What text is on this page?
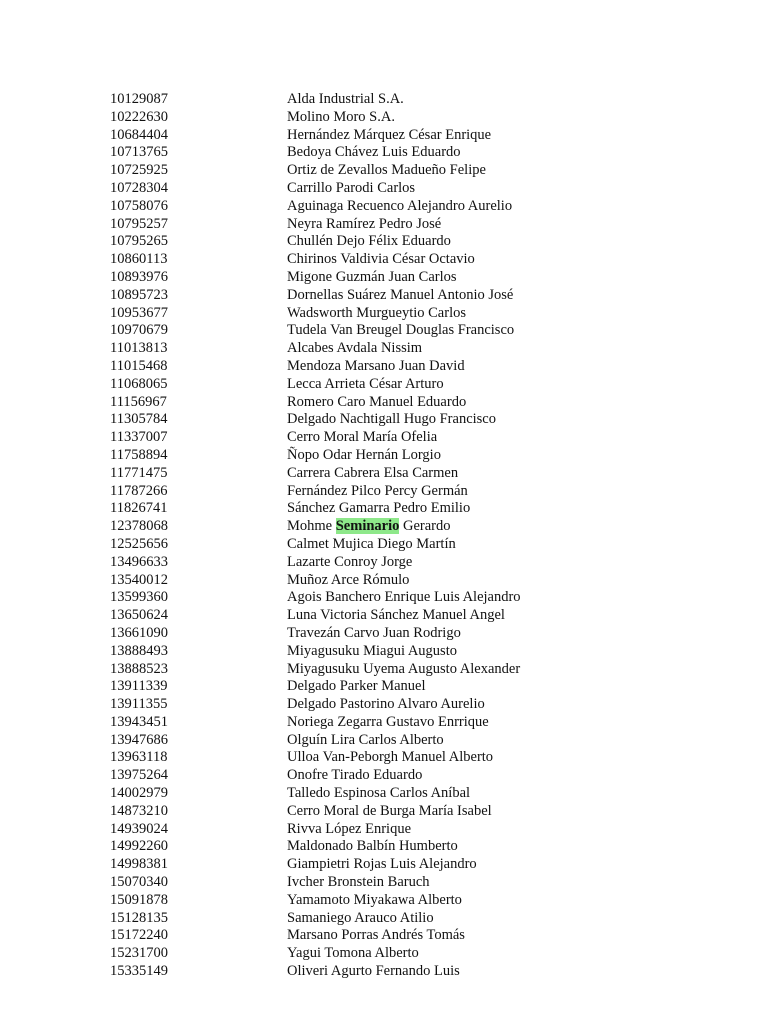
10129087	Alda Industrial S.A.
10222630	Molino Moro S.A.
10684404	Hernández Márquez César Enrique
10713765	Bedoya Chávez Luis Eduardo
10725925	Ortiz de Zevallos Madueño Felipe
10728304	Carrillo Parodi Carlos
10758076	Aguinaga Recuenco Alejandro Aurelio
10795257	Neyra Ramírez Pedro José
10795265	Chullén Dejo Félix Eduardo
10860113	Chirinos Valdivia César Octavio
10893976	Migone Guzmán Juan Carlos
10895723	Dornellas Suárez Manuel Antonio José
10953677	Wadsworth Murgueytio Carlos
10970679	Tudela Van Breugel Douglas Francisco
11013813	Alcabes Avdala Nissim
11015468	Mendoza Marsano Juan David
11068065	Lecca Arrieta César Arturo
11156967	Romero Caro Manuel Eduardo
11305784	Delgado Nachtigall Hugo Francisco
11337007	Cerro Moral María Ofelia
11758894	Ñopo Odar Hernán Lorgio
11771475	Carrera Cabrera Elsa Carmen
11787266	Fernández Pilco Percy Germán
11826741	Sánchez Gamarra Pedro Emilio
12378068	Mohme Seminario Gerardo
12525656	Calmet Mujica Diego Martín
13496633	Lazarte Conroy Jorge
13540012	Muñoz Arce Rómulo
13599360	Agois Banchero Enrique Luis Alejandro
13650624	Luna Victoria Sánchez Manuel Angel
13661090	Travezán Carvo Juan Rodrigo
13888493	Miyagusuku Miagui Augusto
13888523	Miyagusuku Uyema Augusto Alexander
13911339	Delgado Parker Manuel
13911355	Delgado Pastorino Alvaro Aurelio
13943451	Noriega Zegarra Gustavo Enrrique
13947686	Olguín Lira Carlos Alberto
13963118	Ulloa Van-Peborgh Manuel Alberto
13975264	Onofre Tirado Eduardo
14002979	Talledo Espinosa Carlos Aníbal
14873210	Cerro Moral de Burga María Isabel
14939024	Rivva López Enrique
14992260	Maldonado Balbín Humberto
14998381	Giampietri Rojas Luis Alejandro
15070340	Ivcher Bronstein Baruch
15091878	Yamamoto Miyakawa Alberto
15128135	Samaniego Arauco Atilio
15172240	Marsano Porras Andrés Tomás
15231700	Yagui Tomona Alberto
15335149	Oliveri Agurto Fernando Luis
